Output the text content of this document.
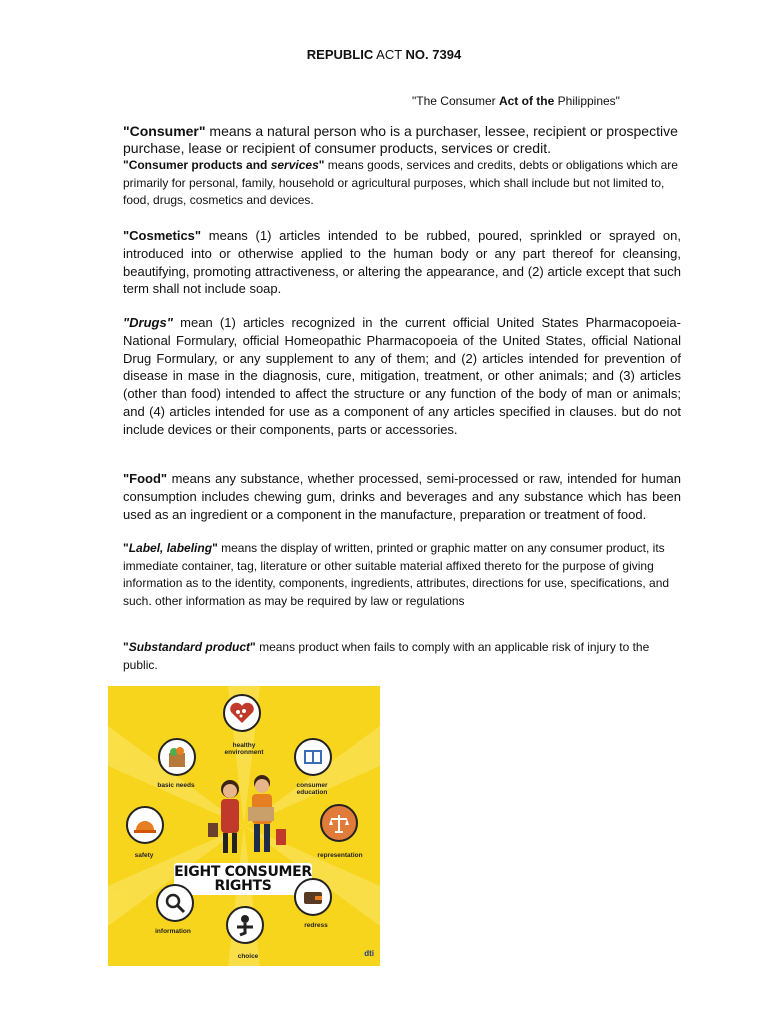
REPUBLIC ACT NO. 7394
"The Consumer Act of the Philippines"
"Consumer" means a natural person who is a purchaser, lessee, recipient or prospective purchase, lease or recipient of consumer products, services or credit.
"Consumer products and services" means goods, services and credits, debts or obligations which are primarily for personal, family, household or agricultural purposes, which shall include but not limited to, food, drugs, cosmetics and devices.
"Cosmetics" means (1) articles intended to be rubbed, poured, sprinkled or sprayed on, introduced into or otherwise applied to the human body or any part thereof for cleansing, beautifying, promoting attractiveness, or altering the appearance, and (2) article except that such term shall not include soap.
"Drugs" mean (1) articles recognized in the current official United States Pharmacopoeia-National Formulary, official Homeopathic Pharmacopoeia of the United States, official National Drug Formulary, or any supplement to any of them; and (2) articles intended for prevention of disease in mase in the diagnosis, cure, mitigation, treatment, or other animals; and (3) articles (other than food) intended to affect the structure or any function of the body of man or animals; and (4) articles intended for use as a component of any articles specified in clauses. but do not include devices or their components, parts or accessories.
"Food" means any substance, whether processed, semi-processed or raw, intended for human consumption includes chewing gum, drinks and beverages and any substance which has been used as an ingredient or a component in the manufacture, preparation or treatment of food.
"Label, labeling" means the display of written, printed or graphic matter on any consumer product, its immediate container, tag, literature or other suitable material affixed thereto for the purpose of giving information as to the identity, components, ingredients, attributes, directions for use, specifications, and such. other information as may be required by law or regulations
"Substandard product" means product when fails to comply with an applicable risk of injury to the public.
healthy environment
basic needs	consumer education
safety	representation
EIGHT CONSUMER
RIGHTS
information
choice
redress
dti
